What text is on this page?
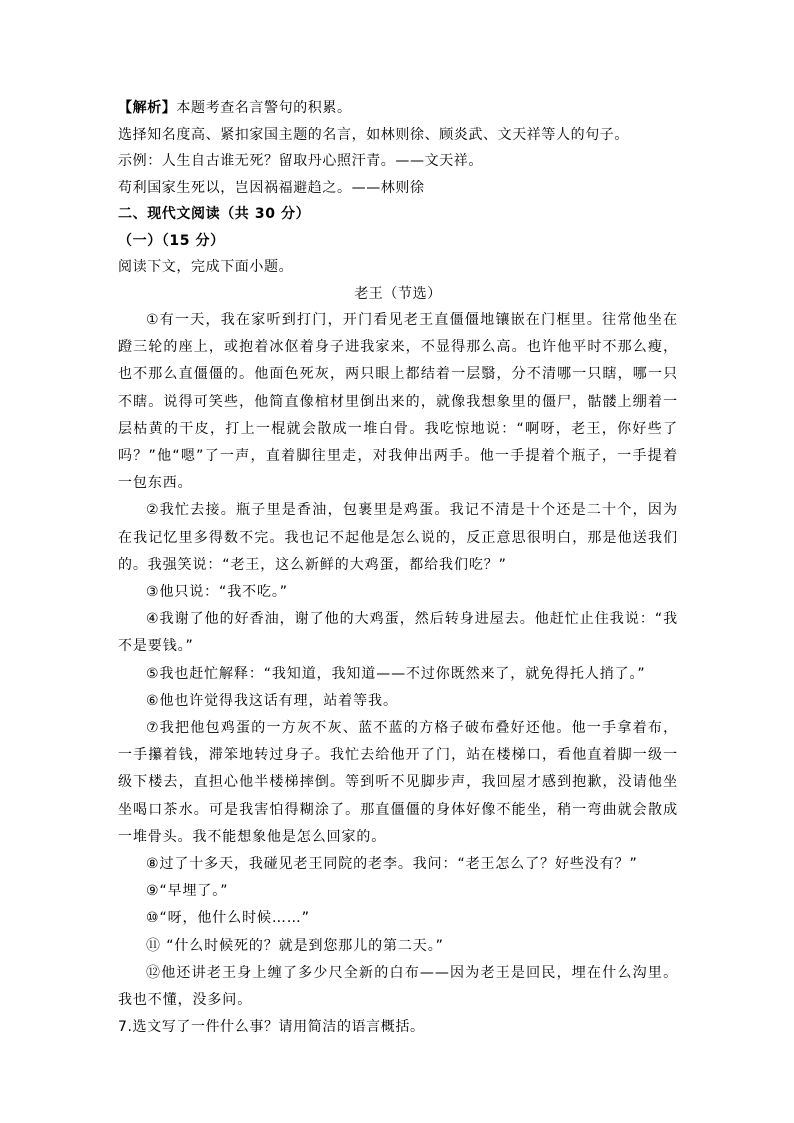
【解析】本题考查名言警句的积累。
选择知名度高、紧扣家国主题的名言，如林则徐、顾炎武、文天祥等人的句子。
示例：人生自古谁无死？留取丹心照汗青。——文天祥。
苟利国家生死以，岂因祸福避趋之。——林则徐
二、现代文阅读（共 30 分）
（一）（15 分）
阅读下文，完成下面小题。
老王（节选）

①有一天，我在家听到打门，开门看见老王直僵僵地镶嵌在门框里。往常他坐在蹬三轮的座上，或抱着冰伛着身子进我家来，不显得那么高。也许他平时不那么瘦，也不那么直僵僵的。他面色死灰，两只眼上都结着一层翳，分不清哪一只瞎，哪一只不瞎。说得可笑些，他简直像棺材里倒出来的，就像我想象里的僵尸，骷髅上绷着一层枯黄的干皮，打上一棍就会散成一堆白骨。我吃惊地说：“啊呀，老王，你好些了吗？”他“嗯”了一声，直着脚往里走，对我伸出两手。他一手提着个瓶子，一手提着一包东西。

②我忙去接。瓶子里是香油，包裹里是鸡蛋。我记不清是十个还是二十个，因为在我记忆里多得数不完。我也记不起他是怎么说的，反正意思很明白，那是他送我们的。我强笑说：“老王，这么新鲜的大鸡蛋，都给我们吃？”

③他只说：“我不吃。”

④我谢了他的好香油，谢了他的大鸡蛋，然后转身进屋去。他赶忙止住我说：“我不是要钱。”

⑤我也赶忙解释：“我知道，我知道——不过你既然来了，就免得托人捎了。”

⑥他也许觉得我这话有理，站着等我。

⑦我把他包鸡蛋的一方灰不灰、蓝不蓝的方格子破布叠好还他。他一手拿着布，一手攥着钱，滞笨地转过身子。我忙去给他开了门，站在楼梯口，看他直着脚一级一级下楼去，直担心他半楼梯摔倒。等到听不见脚步声，我回屋才感到抱歉，没请他坐坐喝口茶水。可是我害怕得糊涂了。那直僵僵的身体好像不能坐，稍一弯曲就会散成一堆骨头。我不能想象他是怎么回家的。

⑧过了十多天，我碰见老王同院的老李。我问：“老王怎么了？好些没有？”

⑨“早埋了。”

⑩“呀，他什么时候……”

⑪ “什么时候死的？就是到您那儿的第二天。”

⑫他还讲老王身上缠了多少尺全新的白布——因为老王是回民，埋在什么沟里。我也不懂，没多问。

7.选文写了一件什么事？请用简洁的语言概括。
